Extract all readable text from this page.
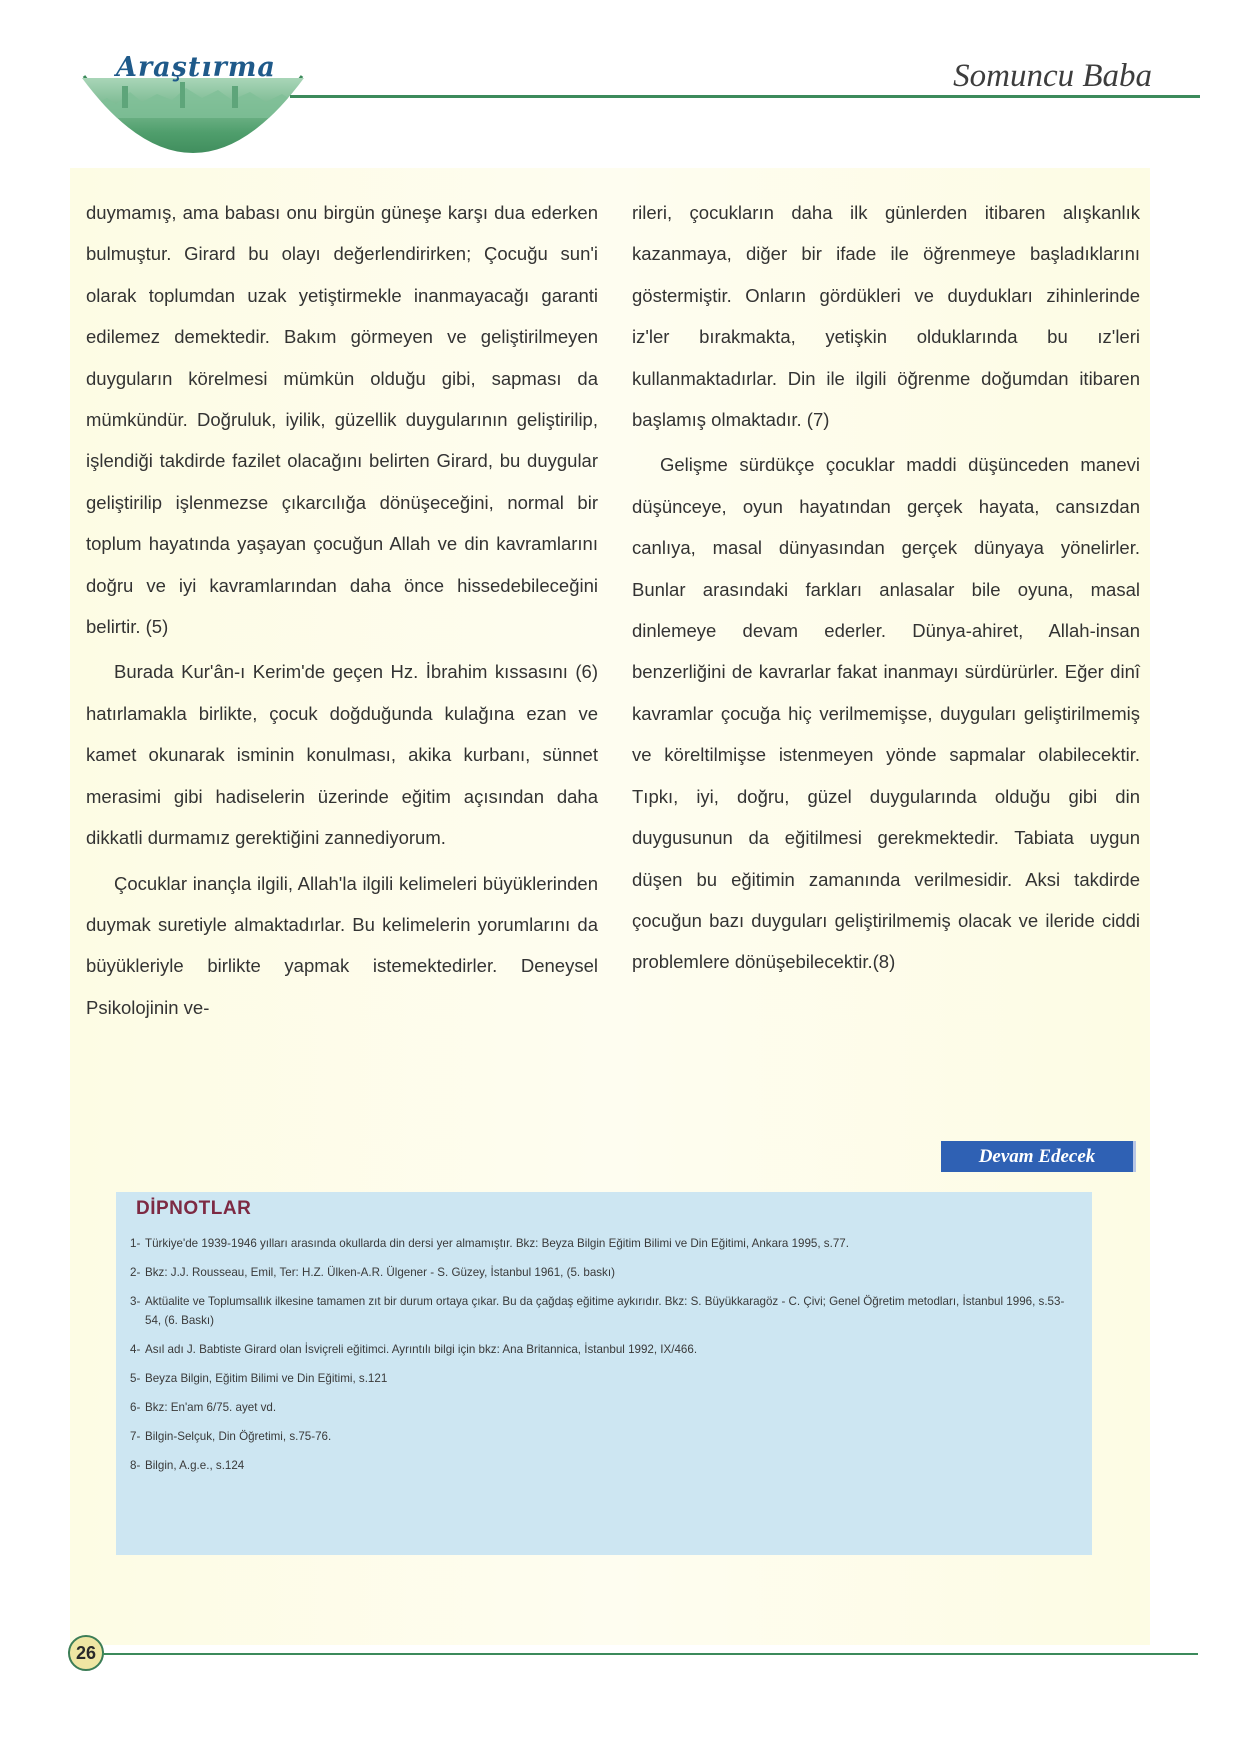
Araştırma	Somuncu Baba

duymamış, ama babası onu birgün güneşe karşı dua ederken bulmuştur. Girard bu olayı değerlendirirken; Çocuğu sun'i olarak toplumdan uzak yetiştirmekle inanmayacağı garanti edilemez demektedir. Bakım görmeyen ve geliştirilmeyen duyguların körelmesi mümkün olduğu gibi, sapması da mümkündür. Doğruluk, iyilik, güzellik duygularının geliştirilip, işlendiği takdirde fazilet olacağını belirten Girard, bu duygular geliştirilip işlenmezse çıkarcılığa dönüşeceğini, normal bir toplum hayatında yaşayan çocuğun Allah ve din kavramlarını doğru ve iyi kavramlarından daha önce hissedebileceğini belirtir. (5)

Burada Kur'ân-ı Kerim'de geçen Hz. İbrahim kıssasını (6) hatırlamakla birlikte, çocuk doğduğunda kulağına ezan ve kamet okunarak isminin konulması, akika kurbanı, sünnet merasimi gibi hadiselerin üzerinde eğitim açısından daha dikkatli durmamız gerektiğini zannediyorum.

Çocuklar inançla ilgili, Allah'la ilgili kelimeleri büyüklerinden duymak suretiyle almaktadırlar. Bu kelimelerin yorumlarını da büyükleriyle birlikte yapmak istemektedirler. Deneysel Psikolojinin ve-

rileri, çocukların daha ilk günlerden itibaren alışkanlık kazanmaya, diğer bir ifade ile öğrenmeye başladıklarını göstermiştir. Onların gördükleri ve duydukları zihinlerinde iz'ler bırakmakta, yetişkin olduklarında bu ız'leri kullanmaktadırlar. Din ile ilgili öğrenme doğumdan itibaren başlamış olmaktadır. (7)

Gelişme sürdükçe çocuklar maddi düşünceden manevi düşünceye, oyun hayatından gerçek hayata, cansızdan canlıya, masal dünyasından gerçek dünyaya yönelirler. Bunlar arasındaki farkları anlasalar bile oyuna, masal dinlemeye devam ederler. Dünya-ahiret, Allah-insan benzerliğini de kavrarlar fakat inanmayı sürdürürler. Eğer dinî kavramlar çocuğa hiç verilmemişse, duyguları geliştirilmemiş ve köreltilmişse istenmeyen yönde sapmalar olabilecektir. Tıpkı, iyi, doğru, güzel duygularında olduğu gibi din duygusunun da eğitilmesi gerekmektedir. Tabiata uygun düşen bu eğitimin zamanında verilmesidir. Aksi takdirde çocuğun bazı duyguları geliştirilmemiş olacak ve ileride ciddi problemlere dönüşebilecektir.(8)

Devam Edecek
DİPNOTLAR
1- Türkiye'de 1939-1946 yılları arasında okullarda din dersi yer almamıştır. Bkz: Beyza Bilgin Eğitim Bilimi ve Din Eğitimi, Ankara 1995, s.77.
2- Bkz: J.J. Rousseau, Emil, Ter: H.Z. Ülken-A.R. Ülgener - S. Güzey, İstanbul 1961, (5. baskı)
3- Aktüalite ve Toplumsallık ilkesine tamamen zıt bir durum ortaya çıkar. Bu da çağdaş eğitime aykırıdır. Bkz: S. Büyükkaragöz - C. Çivi; Genel Öğretim metodları, İstanbul 1996, s.53-54, (6. Baskı)
4- Asıl adı J. Babtiste Girard olan İsviçreli eğitimci. Ayrıntılı bilgi için bkz: Ana Britannica, İstanbul 1992, IX/466.
5- Beyza Bilgin, Eğitim Bilimi ve Din Eğitimi, s.121
6- Bkz: En'am 6/75. ayet vd.
7- Bilgin-Selçuk, Din Öğretimi, s.75-76.
8- Bilgin, A.g.e., s.124
26
